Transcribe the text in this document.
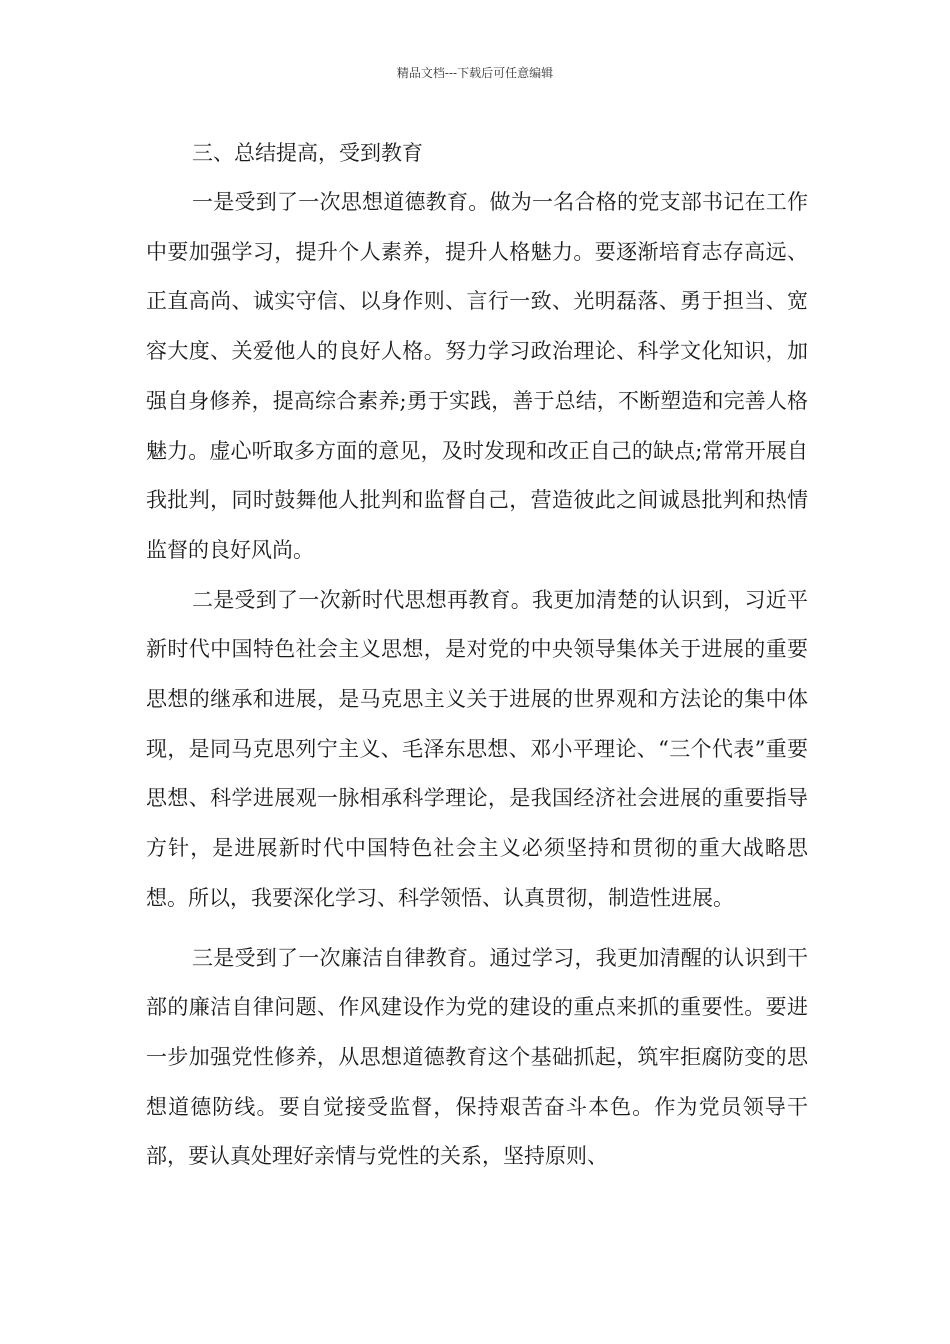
精品文档---下载后可任意编辑

三、总结提高，受到教育

一是受到了一次思想道德教育。做为一名合格的党支部书记在工作中要加强学习，提升个人素养，提升人格魅力。要逐渐培育志存高远、正直高尚、诚实守信、以身作则、言行一致、光明磊落、勇于担当、宽容大度、关爱他人的良好人格。努力学习政治理论、科学文化知识，加强自身修养，提高综合素养;勇于实践，善于总结，不断塑造和完善人格魅力。虚心听取多方面的意见，及时发现和改正自己的缺点;常常开展自我批判，同时鼓舞他人批判和监督自己，营造彼此之间诚恳批判和热情监督的良好风尚。

二是受到了一次新时代思想再教育。我更加清楚的认识到，习近平新时代中国特色社会主义思想，是对党的中央领导集体关于进展的重要思想的继承和进展，是马克思主义关于进展的世界观和方法论的集中体现，是同马克思列宁主义、毛泽东思想、邓小平理论、“三个代表”重要思想、科学进展观一脉相承科学理论，是我国经济社会进展的重要指导方针，是进展新时代中国特色社会主义必须坚持和贯彻的重大战略思想。所以，我要深化学习、科学领悟、认真贯彻，制造性进展。

三是受到了一次廉洁自律教育。通过学习，我更加清醒的认识到干部的廉洁自律问题、作风建设作为党的建设的重点来抓的重要性。要进一步加强党性修养，从思想道德教育这个基础抓起，筑牢拒腐防变的思想道德防线。要自觉接受监督，保持艰苦奋斗本色。作为党员领导干部，要认真处理好亲情与党性的关系，坚持原则、
